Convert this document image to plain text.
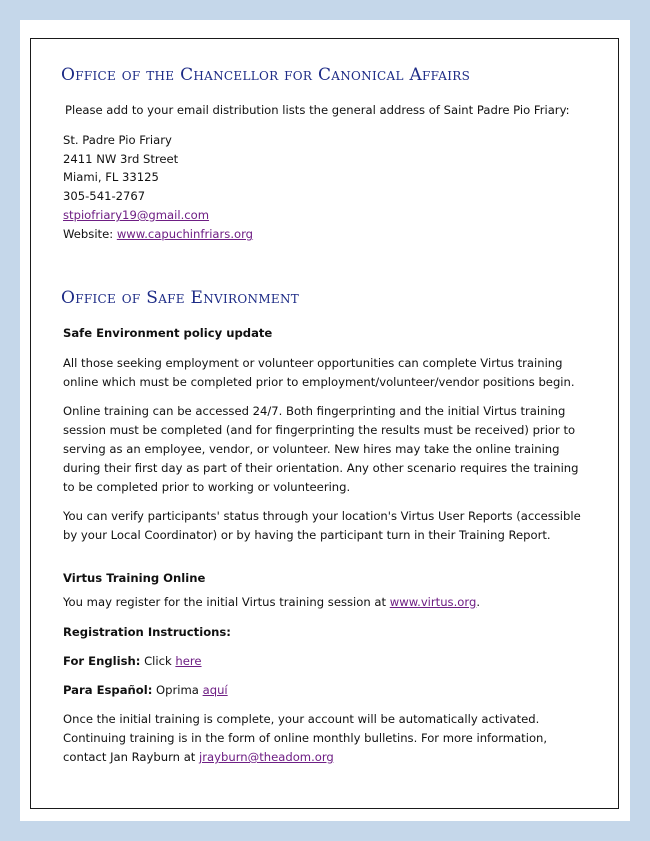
Office of the Chancellor for Canonical Affairs
Please add to your email distribution lists the general address of Saint Padre Pio Friary:
St. Padre Pio Friary
2411 NW 3rd Street
Miami, FL 33125
305-541-2767
stpiofriary19@gmail.com
Website: www.capuchinfriars.org
Office of Safe Environment
Safe Environment policy update
All those seeking employment or volunteer opportunities can complete Virtus training online which must be completed prior to employment/volunteer/vendor positions begin.
Online training can be accessed 24/7. Both fingerprinting and the initial Virtus training session must be completed (and for fingerprinting the results must be received) prior to serving as an employee, vendor, or volunteer. New hires may take the online training during their first day as part of their orientation. Any other scenario requires the training to be completed prior to working or volunteering.
You can verify participants' status through your location's Virtus User Reports (accessible by your Local Coordinator) or by having the participant turn in their Training Report.
Virtus Training Online
You may register for the initial Virtus training session at www.virtus.org.
Registration Instructions:
For English: Click here
Para Español: Oprima aquí
Once the initial training is complete, your account will be automatically activated. Continuing training is in the form of online monthly bulletins. For more information, contact Jan Rayburn at jrayburn@theadom.org
